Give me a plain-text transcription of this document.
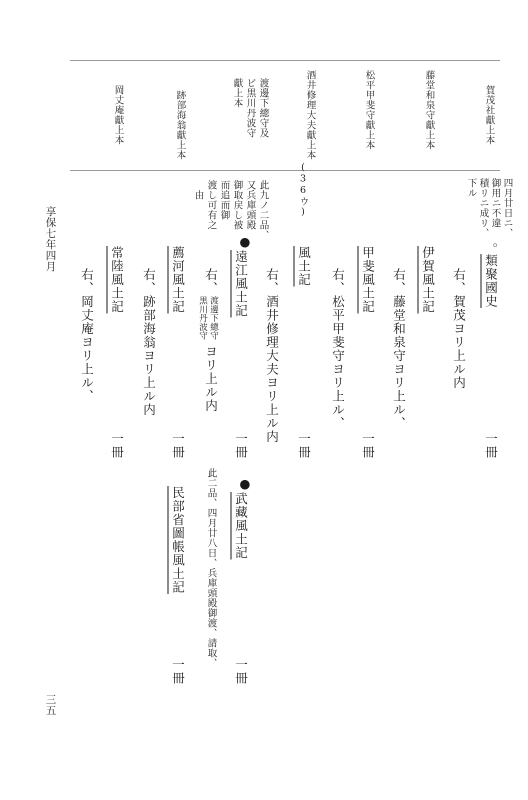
賀茂社獻上本
藤堂和泉守獻上本
松平甲斐守獻上本
酒井修理大夫獻上本
渡邊下總守及
ビ黒川丹波守
獻上本
跡部海翁獻上本
岡丈庵獻上本
四月廿日ニ、
御用ニ不違
積リニ成リ、
下ル
(36ウ)
此九ノ二品、
又兵庫頭殿
御取戻し被
而追而御
渡し可有之
由
◦
類聚國史
一冊
右、賀茂ヨリ上ル内
伊賀風土記
右、藤堂和泉守ヨリ上ル、
甲斐風土記
一冊
右、松平甲斐守ヨリ上ル、
風土記
一冊
右、酒井修理大夫ヨリ上ル内
●
遠江風土記
一冊
右、
渡邊下總守
黒川丹波守
ヨリ上ル内
●
武藏風土記
一冊
此二品、四月廿八日、兵庫頭殿御渡、請取、
薦河風土記
一冊
右、跡部海翁ヨリ上ル内
民部省圖帳風土記
一冊
常陸風土記
一冊
右、岡丈庵ヨリ上ル、
享保七年四月
三五
